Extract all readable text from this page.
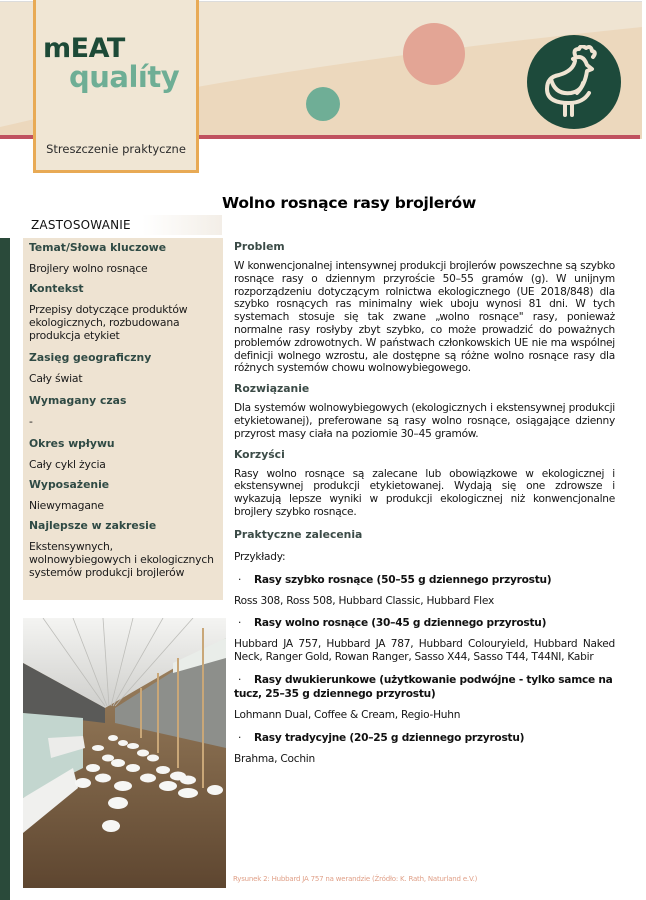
mEAT
qualíty
Streszczenie praktyczne
Wolno rosnące rasy brojlerów
ZASTOSOWANIE
Temat/Słowa kluczowe
Brojlery wolno rosnące
Kontekst
Przepisy dotyczące produktów ekologicznych, rozbudowana produkcja etykiet
Zasięg geograficzny
Cały świat
Wymagany czas
-
Okres wpływu
Cały cykl życia
Wyposażenie
Niewymagane
Najlepsze w zakresie
Ekstensywnych, wolnowybiegowych i ekologicznych systemów produkcji brojlerów
Problem
W konwencjonalnej intensywnej produkcji brojlerów powszechne są szybko rosnące rasy o dziennym przyroście 50–55 gramów (g). W unijnym rozporządzeniu dotyczącym rolnictwa ekologicznego (UE 2018/848) dla szybko rosnących ras minimalny wiek uboju wynosi 81 dni. W tych systemach stosuje się tak zwane „wolno rosnące" rasy, ponieważ normalne rasy rosłyby zbyt szybko, co może prowadzić do poważnych problemów zdrowotnych. W państwach członkowskich UE nie ma wspólnej definicji wolnego wzrostu, ale dostępne są różne wolno rosnące rasy dla różnych systemów chowu wolnowybiegowego.
Rozwiązanie
Dla systemów wolnowybiegowych (ekologicznych i ekstensywnej produkcji etykietowanej), preferowane są rasy wolno rosnące, osiągające dzienny przyrost masy ciała na poziomie 30–45 gramów.
Korzyści
Rasy wolno rosnące są zalecane lub obowiązkowe w ekologicznej i ekstensywnej produkcji etykietowanej. Wydają się one zdrowsze i wykazują lepsze wyniki w produkcji ekologicznej niż konwencjonalne brojlery szybko rosnące.
Praktyczne zalecenia
Przykłady:
· Rasy szybko rosnące (50–55 g dziennego przyrostu)
Ross 308, Ross 508, Hubbard Classic, Hubbard Flex
· Rasy wolno rosnące (30–45 g dziennego przyrostu)
Hubbard JA 757, Hubbard JA 787, Hubbard Colouryield, Hubbard Naked Neck, Ranger Gold, Rowan Ranger, Sasso X44, Sasso T44, T44NI, Kabir
· Rasy dwukierunkowe (użytkowanie podwójne - tylko samce na tucz, 25–35 g dziennego przyrostu)
Lohmann Dual, Coffee & Cream, Regio-Huhn
· Rasy tradycyjne (20–25 g dziennego przyrostu)
Brahma, Cochin
Rysunek 2: Hubbard JA 757 na werandzie (Źródło: K. Rath, Naturland e.V.)
